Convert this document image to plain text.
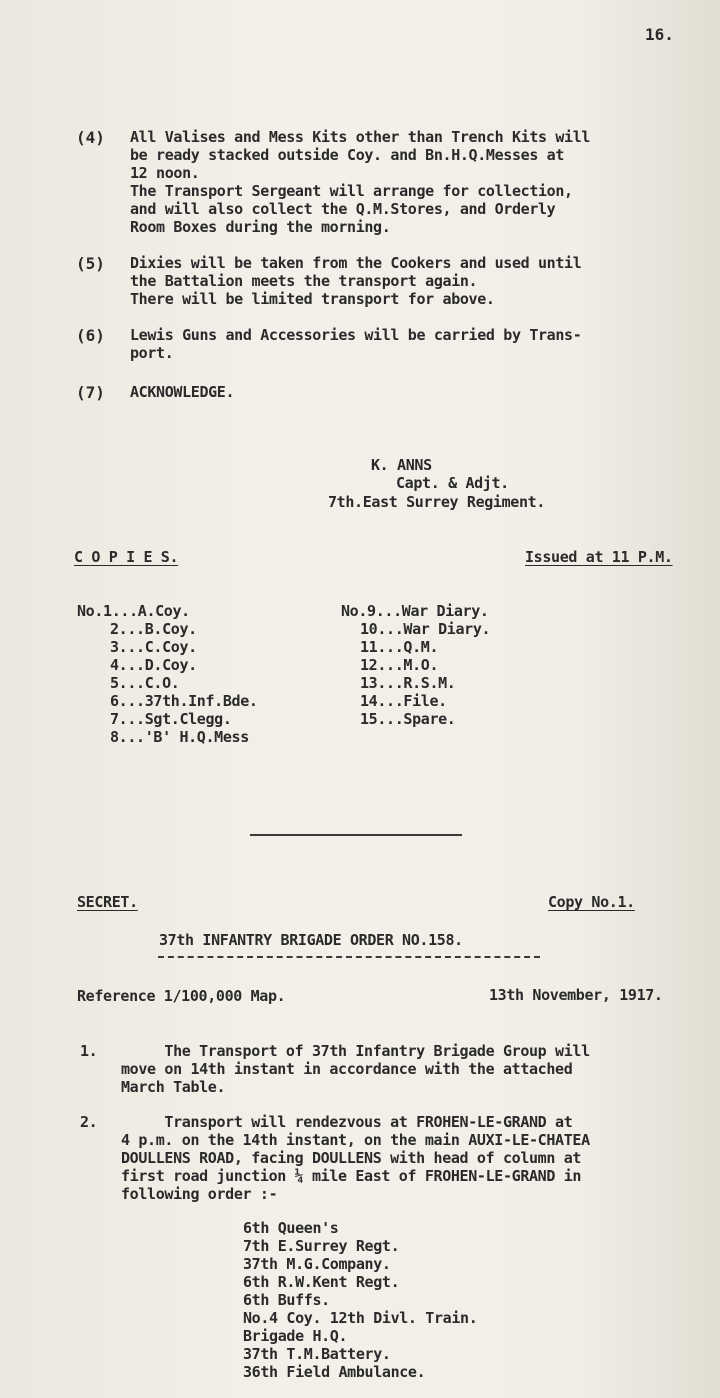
16.
(4) All Valises and Mess Kits other than Trench Kits will
be ready stacked outside Coy. and Bn.H.Q.Messes at
12 noon.
The Transport Sergeant will arrange for collection,
and will also collect the Q.M.Stores, and Orderly
Room Boxes during the morning.
(5) Dixies will be taken from the Cookers and used until
the Battalion meets the transport again.
There will be limited transport for above.
(6) Lewis Guns and Accessories will be carried by Trans-
port.
(7) ACKNOWLEDGE.
K. ANNS
Capt. & Adjt.
7th.East Surrey Regiment.
C O P I E S.	Issued at 11 P.M.
No.1...A.Coy.
2...B.Coy.
3...C.Coy.
4...D.Coy.
5...C.O.
6...37th.Inf.Bde.
7...Sgt.Clegg.
8...'B' H.Q.Mess
No.9...War Diary.
10...War Diary.
11...Q.M.
12...M.O.
13...R.S.M.
14...File.
15...Spare.
SECRET.	Copy No.1.
37th INFANTRY BRIGADE ORDER NO.158.
Reference 1/100,000 Map.	13th November, 1917.
1. The Transport of 37th Infantry Brigade Group will
move on 14th instant in accordance with the attached
March Table.
2. Transport will rendezvous at FROHEN-LE-GRAND at
4 p.m. on the 14th instant, on the main AUXI-LE-CHATEA
DOULLENS ROAD, facing DOULLENS with head of column at
first road junction ¼ mile East of FROHEN-LE-GRAND in
following order :-
6th Queen's
7th E.Surrey Regt.
37th M.G.Company.
6th R.W.Kent Regt.
6th Buffs.
No.4 Coy. 12th Divl. Train.
Brigade H.Q.
37th T.M.Battery.
36th Field Ambulance.
